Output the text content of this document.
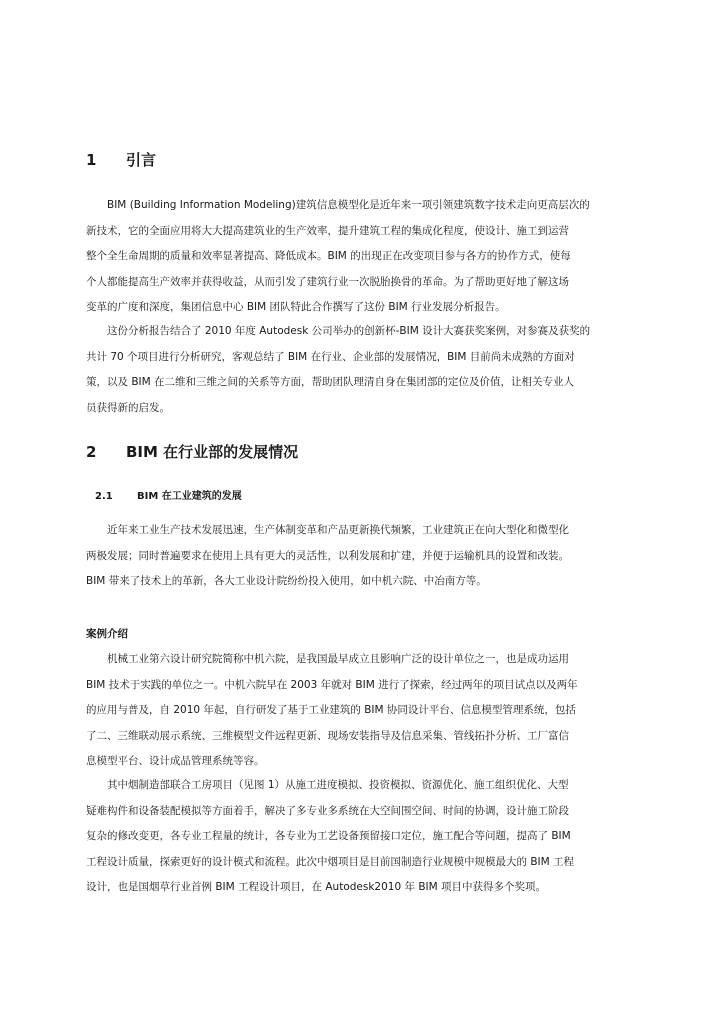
1 引言
BIM (Building Information Modeling)建筑信息模型化是近年来一项引领建筑数字技术走向更高层次的
新技术，它的全面应用将大大提高建筑业的生产效率，提升建筑工程的集成化程度，使设计、施工到运营
整个全生命周期的质量和效率显著提高、降低成本。BIM 的出现正在改变项目参与各方的协作方式，使每
个人都能提高生产效率并获得收益，从而引发了建筑行业一次脱胎换骨的革命。为了帮助更好地了解这场
变革的广度和深度，集团信息中心 BIM 团队特此合作撰写了这份 BIM 行业发展分析报告。
这份分析报告结合了 2010 年度 Autodesk 公司举办的创新杯-BIM 设计大赛获奖案例，对参赛及获奖的
共计 70 个项目进行分析研究，客观总结了 BIM 在行业、企业部的发展情况，BIM 目前尚未成熟的方面对
策，以及 BIM 在二维和三维之间的关系等方面，帮助团队理清自身在集团部的定位及价值，让相关专业人
员获得新的启发。
2 BIM 在行业部的发展情况
2.1 BIM 在工业建筑的发展
近年来工业生产技术发展迅速，生产体制变革和产品更新换代频繁，工业建筑正在向大型化和微型化
两极发展；同时普遍要求在使用上具有更大的灵活性，以利发展和扩建，并便于运输机具的设置和改装。
BIM 带来了技术上的革新，各大工业设计院纷纷投入使用，如中机六院、中冶南方等。
案例介绍
机械工业第六设计研究院简称中机六院，是我国最早成立且影响广泛的设计单位之一，也是成功运用
BIM 技术于实践的单位之一。中机六院早在 2003 年就对 BIM 进行了探索，经过两年的项目试点以及两年
的应用与普及，自 2010 年起，自行研发了基于工业建筑的 BIM 协同设计平台、信息模型管理系统，包括
了二、三维联动展示系统、三维模型文件远程更新、现场安装指导及信息采集、管线拓扑分析、工厂富信
息模型平台、设计成品管理系统等容。
其中烟制造部联合工房项目（见图 1）从施工进度模拟、投资模拟、资源优化、施工组织优化、大型
疑难构件和设备装配模拟等方面着手，解决了多专业多系统在大空间围空间、时间的协调，设计施工阶段
复杂的修改变更，各专业工程量的统计，各专业为工艺设备预留接口定位，施工配合等问题，提高了 BIM
工程设计质量，探索更好的设计模式和流程。此次中烟项目是目前国制造行业规模中规模最大的 BIM 工程
设计，也是国烟草行业首例 BIM 工程设计项目，在 Autodesk2010 年 BIM 项目中获得多个奖项。
